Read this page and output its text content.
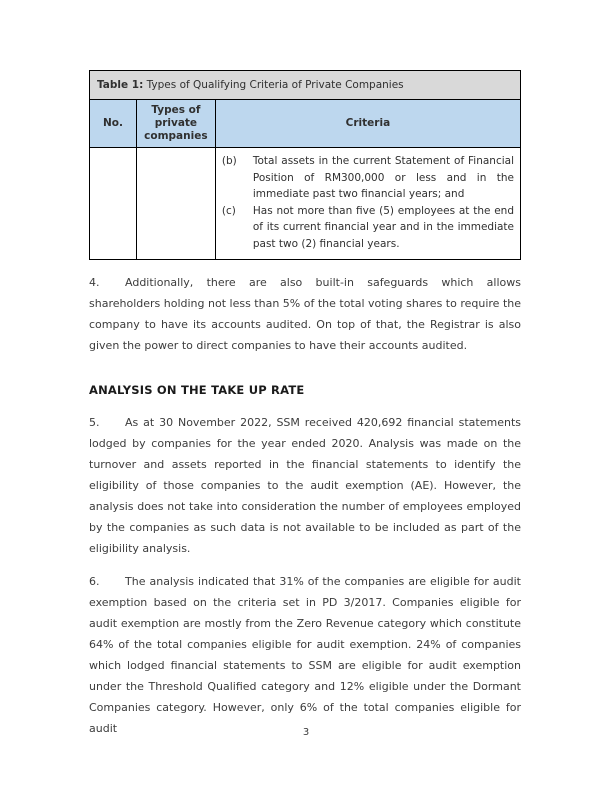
Table 1: Types of Qualifying Criteria of Private Companies		
No.	Types of private companies	Criteria

		(b) Total assets in the current Statement of Financial Position of RM300,000 or less and in the immediate past two financial years; and
(c) Has not more than five (5) employees at the end of its current financial year and in the immediate past two (2) financial years.

4. Additionally, there are also built-in safeguards which allows shareholders holding not less than 5% of the total voting shares to require the company to have its accounts audited. On top of that, the Registrar is also given the power to direct companies to have their accounts audited.

ANALYSIS ON THE TAKE UP RATE

5. As at 30 November 2022, SSM received 420,692 financial statements lodged by companies for the year ended 2020. Analysis was made on the turnover and assets reported in the financial statements to identify the eligibility of those companies to the audit exemption (AE). However, the analysis does not take into consideration the number of employees employed by the companies as such data is not available to be included as part of the eligibility analysis.

6. The analysis indicated that 31% of the companies are eligible for audit exemption based on the criteria set in PD 3/2017. Companies eligible for audit exemption are mostly from the Zero Revenue category which constitute 64% of the total companies eligible for audit exemption. 24% of companies which lodged financial statements to SSM are eligible for audit exemption under the Threshold Qualified category and 12% eligible under the Dormant Companies category. However, only 6% of the total companies eligible for audit	3
